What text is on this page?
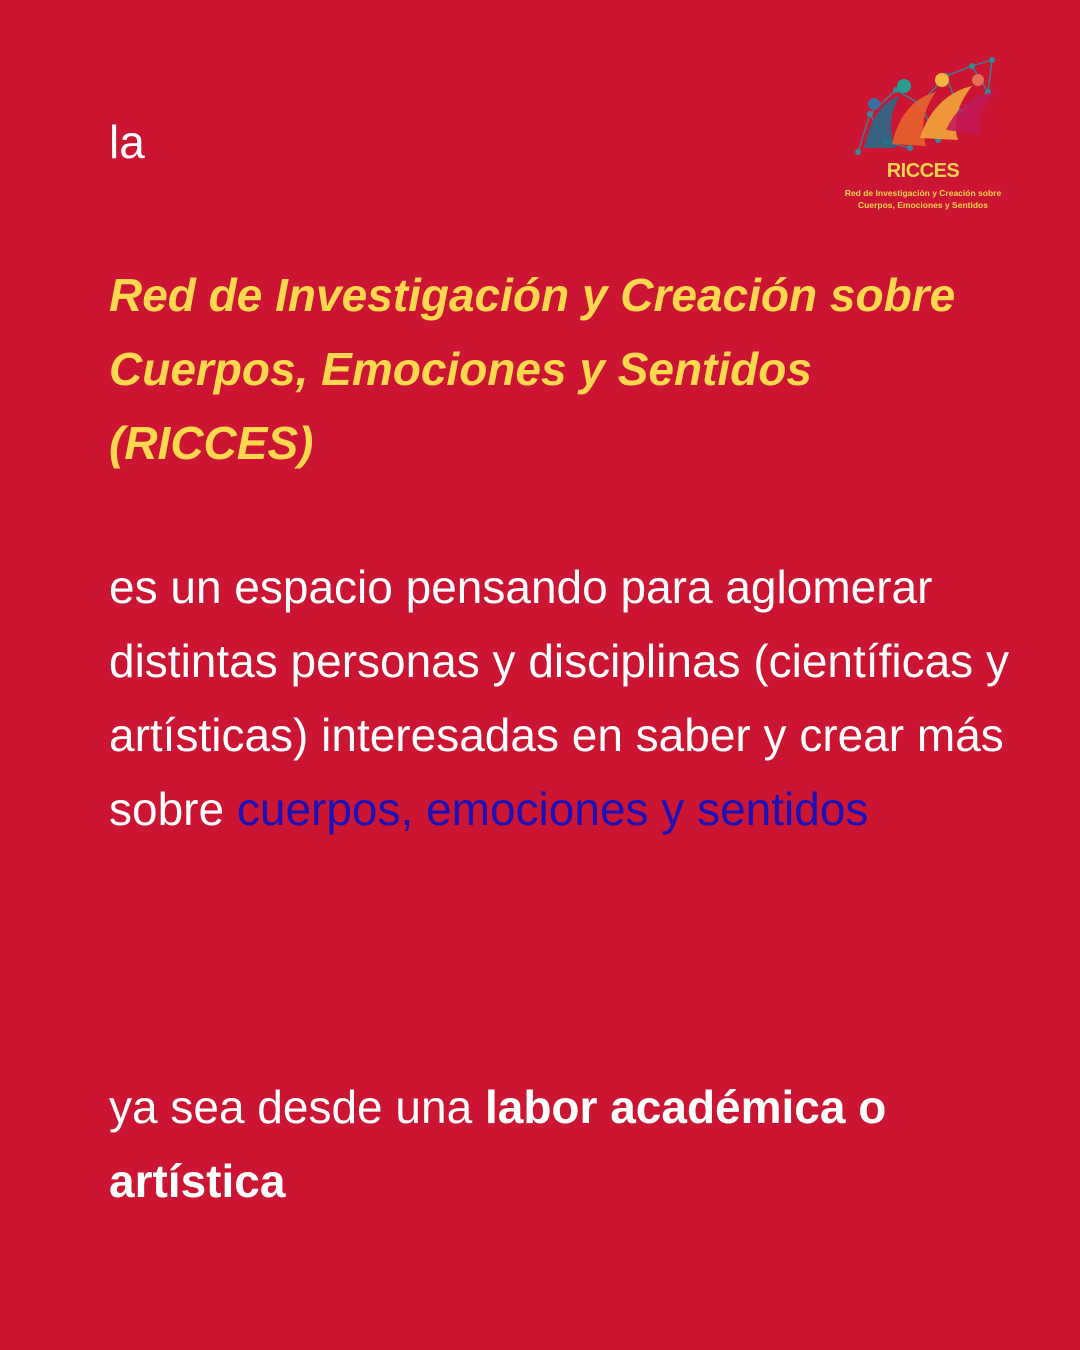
la

Red de Investigación y Creación sobre Cuerpos, Emociones y Sentidos (RICCES)

es un espacio pensando para aglomerar distintas personas y disciplinas (científicas y artísticas) interesadas en saber y crear más sobre cuerpos, emociones y sentidos

ya sea desde una labor académica o artística

RICCES
Red de Investigación y Creación sobre
Cuerpos, Emociones y Sentidos
